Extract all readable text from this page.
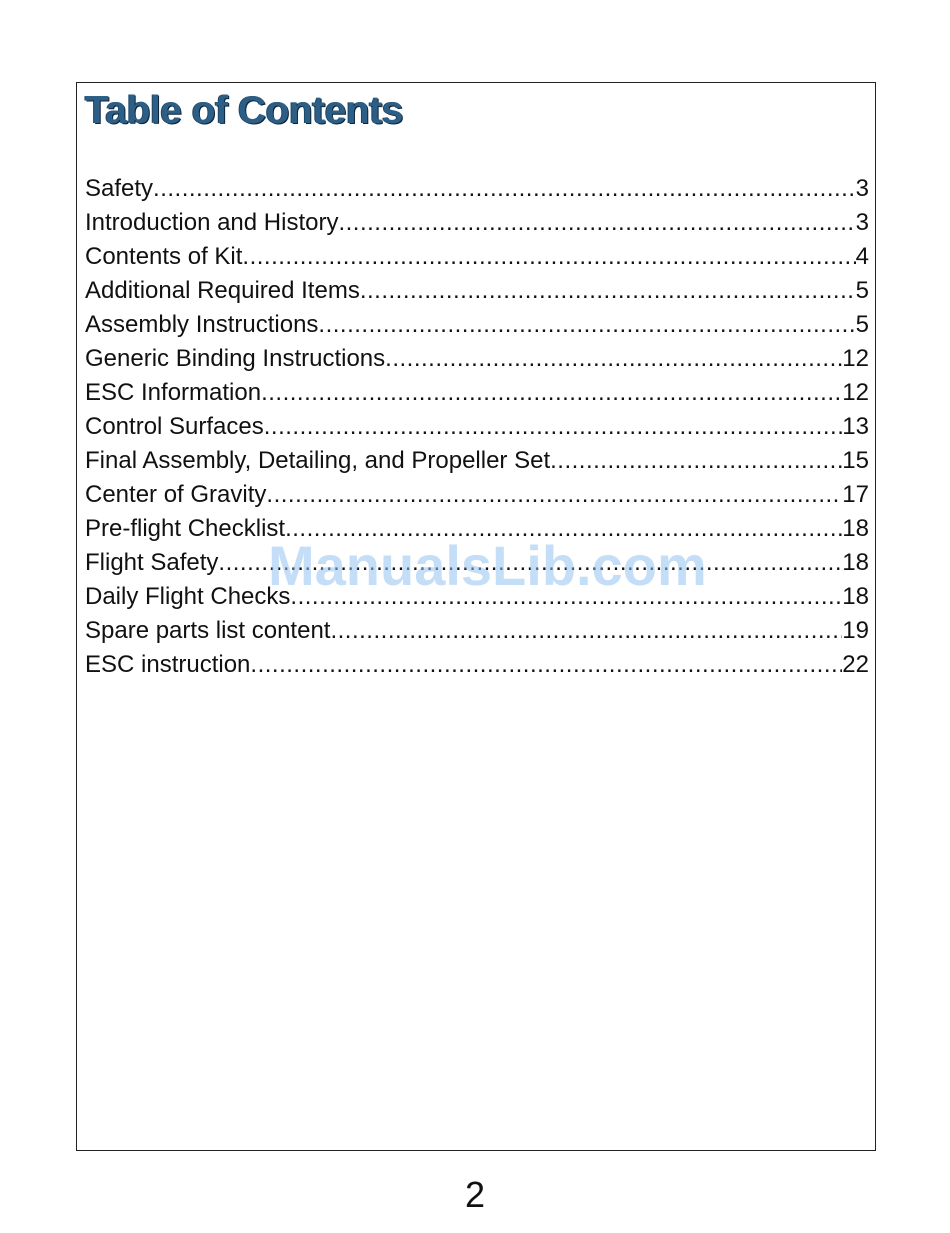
Table of Contents
Safety .....	3
Introduction and History .....	3
Contents of Kit .....	4
Additional Required Items .....	5
Assembly Instructions .....	5
Generic Binding Instructions .....	12
ESC Information .....	12
Control Surfaces .....	13
Final Assembly, Detailing, and Propeller Set .....	15
Center of Gravity .....	17
Pre-flight Checklist .....	18
Flight Safety .....	18
Daily Flight Checks .....	18
Spare parts list content .....	19
ESC instruction .....	22
ManualsLib.com
2
